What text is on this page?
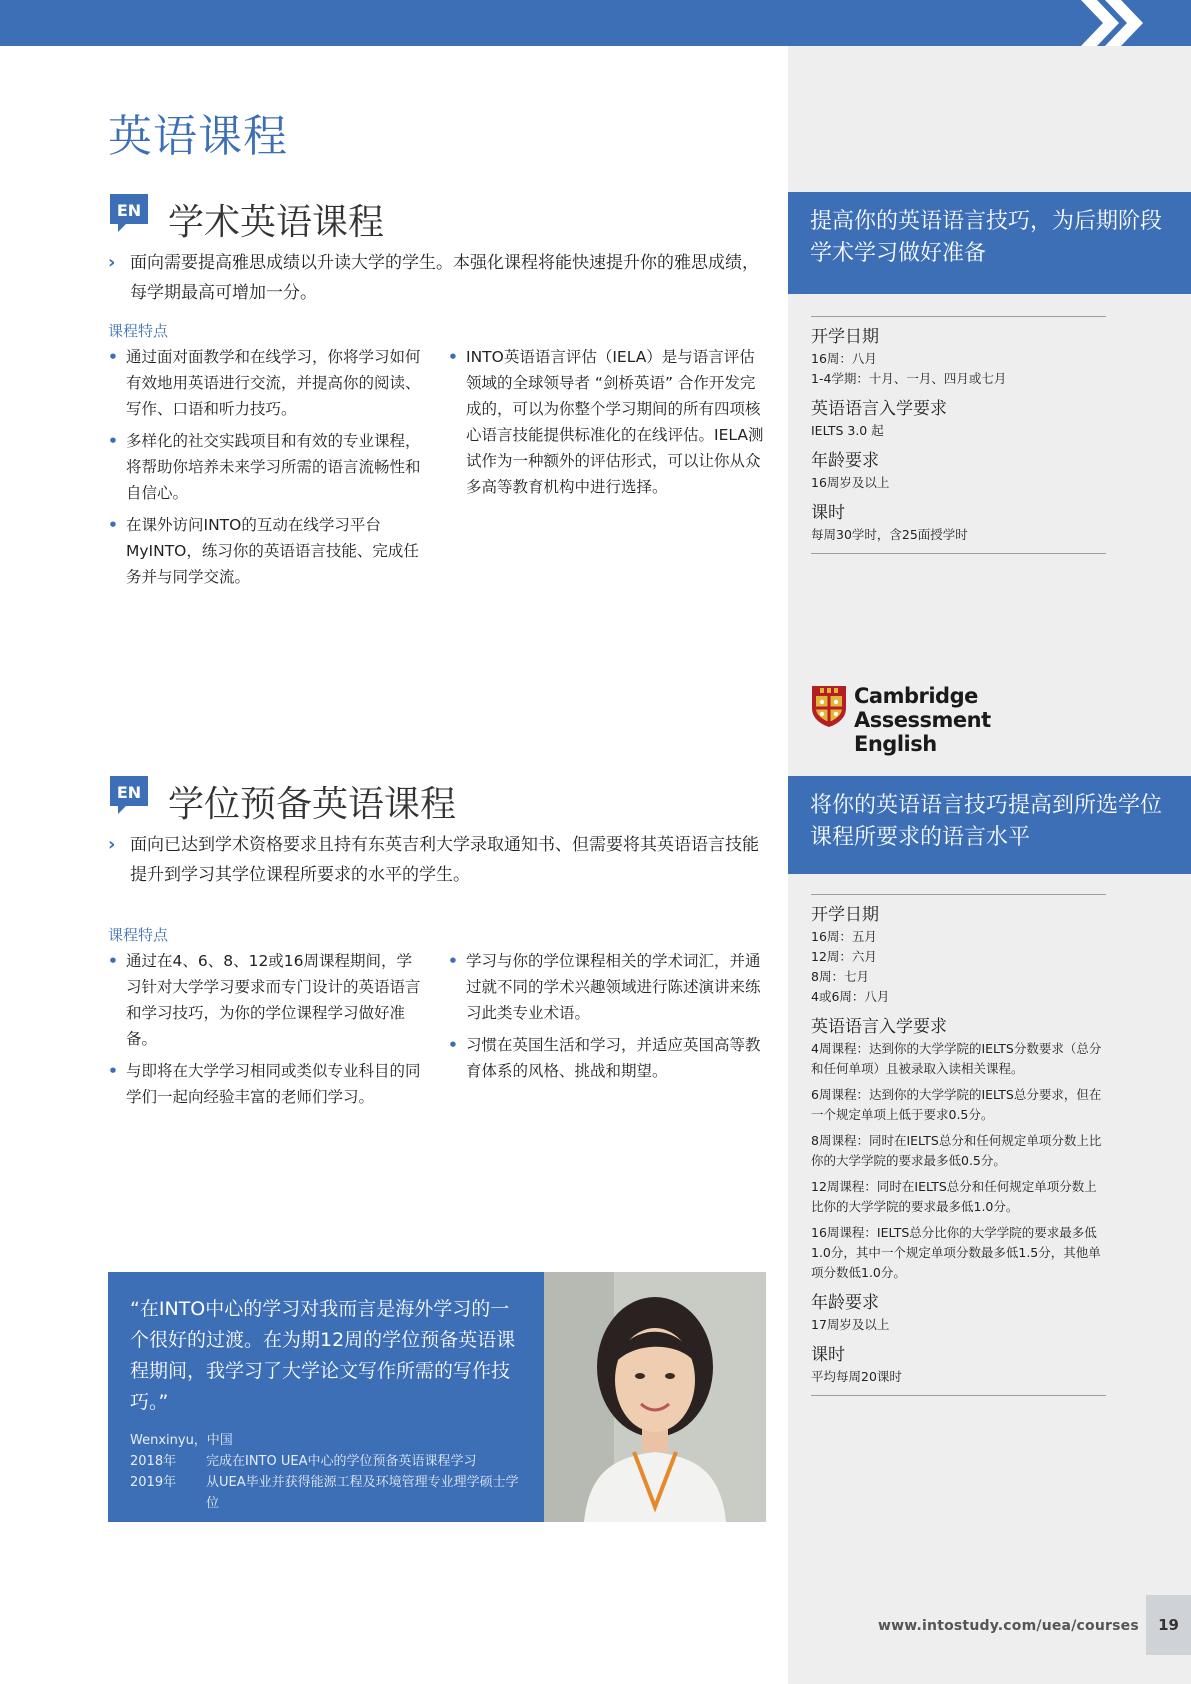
英语课程
EN 学术英语课程

› 面向需要提高雅思成绩以升读大学的学生。本强化课程将能快速提升你的雅思成绩，每学期最高可增加一分。

课程特点
• 通过面对面教学和在线学习，你将学习如何有效地用英语进行交流，并提高你的阅读、写作、口语和听力技巧。
• 多样化的社交实践项目和有效的专业课程，将帮助你培养未来学习所需的语言流畅性和自信心。
• 在课外访问INTO的互动在线学习平台MyINTO，练习你的英语语言技能、完成任务并与同学交流。
• INTO英语语言评估（IELA）是与语言评估领域的全球领导者 “剑桥英语” 合作开发完成的，可以为你整个学习期间的所有四项核心语言技能提供标准化的在线评估。IELA测试作为一种额外的评估形式，可以让你从众多高等教育机构中进行选择。
提高你的英语语言技巧，为后期阶段学术学习做好准备
开学日期
16周：八月
1-4学期：十月、一月、四月或七月
英语语言入学要求
IELTS 3.0 起
年龄要求
16周岁及以上
课时
每周30学时，含25面授学时
Cambridge Assessment
English
EN 学位预备英语课程

› 面向已达到学术资格要求且持有东英吉利大学录取通知书、但需要将其英语语言技能提升到学习其学位课程所要求的水平的学生。

课程特点
• 通过在4、6、8、12或16周课程期间，学习针对大学学习要求而专门设计的英语语言和学习技巧，为你的学位课程学习做好准备。
• 与即将在大学学习相同或类似专业科目的同学们一起向经验丰富的老师们学习。
• 学习与你的学位课程相关的学术词汇，并通过就不同的学术兴趣领域进行陈述演讲来练习此类专业术语。
• 习惯在英国生活和学习，并适应英国高等教育体系的风格、挑战和期望。
将你的英语语言技巧提高到所选学位课程所要求的语言水平
开学日期
16周：五月
12周：六月
8周：七月
4或6周：八月
英语语言入学要求
4周课程：达到你的大学学院的IELTS分数要求（总分和任何单项）且被录取入读相关课程。
6周课程：达到你的大学学院的IELTS总分要求，但在一个规定单项上低于要求0.5分。
8周课程：同时在IELTS总分和任何规定单项分数上比你的大学学院的要求最多低0.5分。
12周课程：同时在IELTS总分和任何规定单项分数上比你的大学学院的要求最多低1.0分。
16周课程：IELTS总分比你的大学学院的要求最多低1.0分，其中一个规定单项分数最多低1.5分，其他单项分数低1.0分。
年龄要求
17周岁及以上
课时
平均每周20课时
“在INTO中心的学习对我而言是海外学习的一个很好的过渡。在为期12周的学位预备英语课程期间，我学习了大学论文写作所需的写作技巧。”
Wenxinyu，中国
2018年	完成在INTO UEA中心的学位预备英语课程学习
2019年	从UEA毕业并获得能源工程及环境管理专业理学硕士学位
www.intostudy.com/uea/courses	19
